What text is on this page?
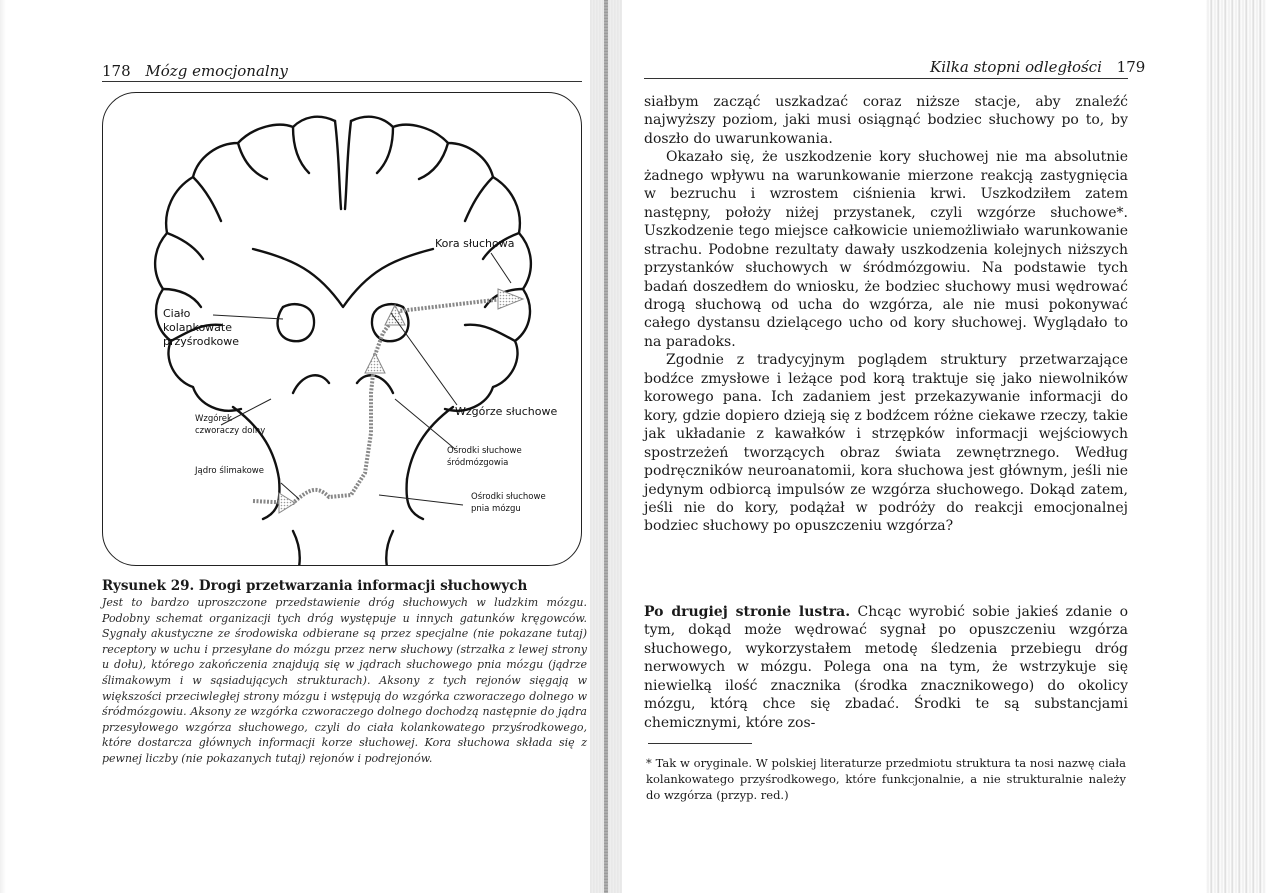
178 Mózg emocjonalny
Kora słuchowa
Ciało
kolankowate
przyśrodkowe
Wzgórze słuchowe
Wzgórek
czworaczy dolny
Ośrodki słuchowe
śródmózgowia
Jądro ślimakowe
Ośrodki słuchowe
pnia mózgu
Rysunek 29. Drogi przetwarzania informacji słuchowych
Jest to bardzo uproszczone przedstawienie dróg słuchowych w ludzkim mózgu. Podobny schemat organizacji tych dróg występuje u innych gatunków kręgowców. Sygnały akustyczne ze środowiska odbierane są przez specjalne (nie pokazane tutaj) receptory w uchu i przesyłane do mózgu przez nerw słuchowy (strzałka z lewej strony u dołu), którego zakończenia znajdują się w jądrach słuchowego pnia mózgu (jądrze ślimakowym i w sąsiadujących strukturach). Aksony z tych rejonów sięgają w większości przeciwległej strony mózgu i wstępują do wzgórka czworaczego dolnego w śródmózgowiu. Aksony ze wzgórka czworaczego dolnego dochodzą następnie do jądra przesyłowego wzgórza słuchowego, czyli do ciała kolankowatego przyśrodkowego, które dostarcza głównych informacji korze słuchowej. Kora słuchowa składa się z pewnej liczby (nie pokazanych tutaj) rejonów i podrejonów.
Kilka stopni odległości 179

siałbym zacząć uszkadzać coraz niższe stacje, aby znaleźć najwyższy poziom, jaki musi osiągnąć bodziec słuchowy po to, by doszło do uwarunkowania.

Okazało się, że uszkodzenie kory słuchowej nie ma absolutnie żadnego wpływu na warunkowanie mierzone reakcją zastygnięcia w bezruchu i wzrostem ciśnienia krwi. Uszkodziłem zatem następny, położy niżej przystanek, czyli wzgórze słuchowe*. Uszkodzenie tego miejsce całkowicie uniemożliwiało warunkowanie strachu. Podobne rezultaty dawały uszkodzenia kolejnych niższych przystanków słuchowych w śródmózgowiu. Na podstawie tych badań doszedłem do wniosku, że bodziec słuchowy musi wędrować drogą słuchową od ucha do wzgórza, ale nie musi pokonywać całego dystansu dzielącego ucho od kory słuchowej. Wyglądało to na paradoks.

Zgodnie z tradycyjnym poglądem struktury przetwarzające bodźce zmysłowe i leżące pod korą traktuje się jako niewolników korowego pana. Ich zadaniem jest przekazywanie informacji do kory, gdzie dopiero dzieją się z bodźcem różne ciekawe rzeczy, takie jak układanie z kawałków i strzępków informacji wejściowych spostrzeżeń tworzących obraz świata zewnętrznego. Według podręczników neuroanatomii, kora słuchowa jest głównym, jeśli nie jedynym odbiorcą impulsów ze wzgórza słuchowego. Dokąd zatem, jeśli nie do kory, podążał w podróży do reakcji emocjonalnej bodziec słuchowy po opuszczeniu wzgórza?

Po drugiej stronie lustra. Chcąc wyrobić sobie jakieś zdanie o tym, dokąd może wędrować sygnał po opuszczeniu wzgórza słuchowego, wykorzystałem metodę śledzenia przebiegu dróg nerwowych w mózgu. Polega ona na tym, że wstrzykuje się niewielką ilość znacznika (środka znacznikowego) do okolicy mózgu, którą chce się zbadać. Środki te są substancjami chemicznymi, które zos-

* Tak w oryginale. W polskiej literaturze przedmiotu struktura ta nosi nazwę ciała kolankowatego przyśrodkowego, które funkcjonalnie, a nie strukturalnie należy do wzgórza (przyp. red.)
